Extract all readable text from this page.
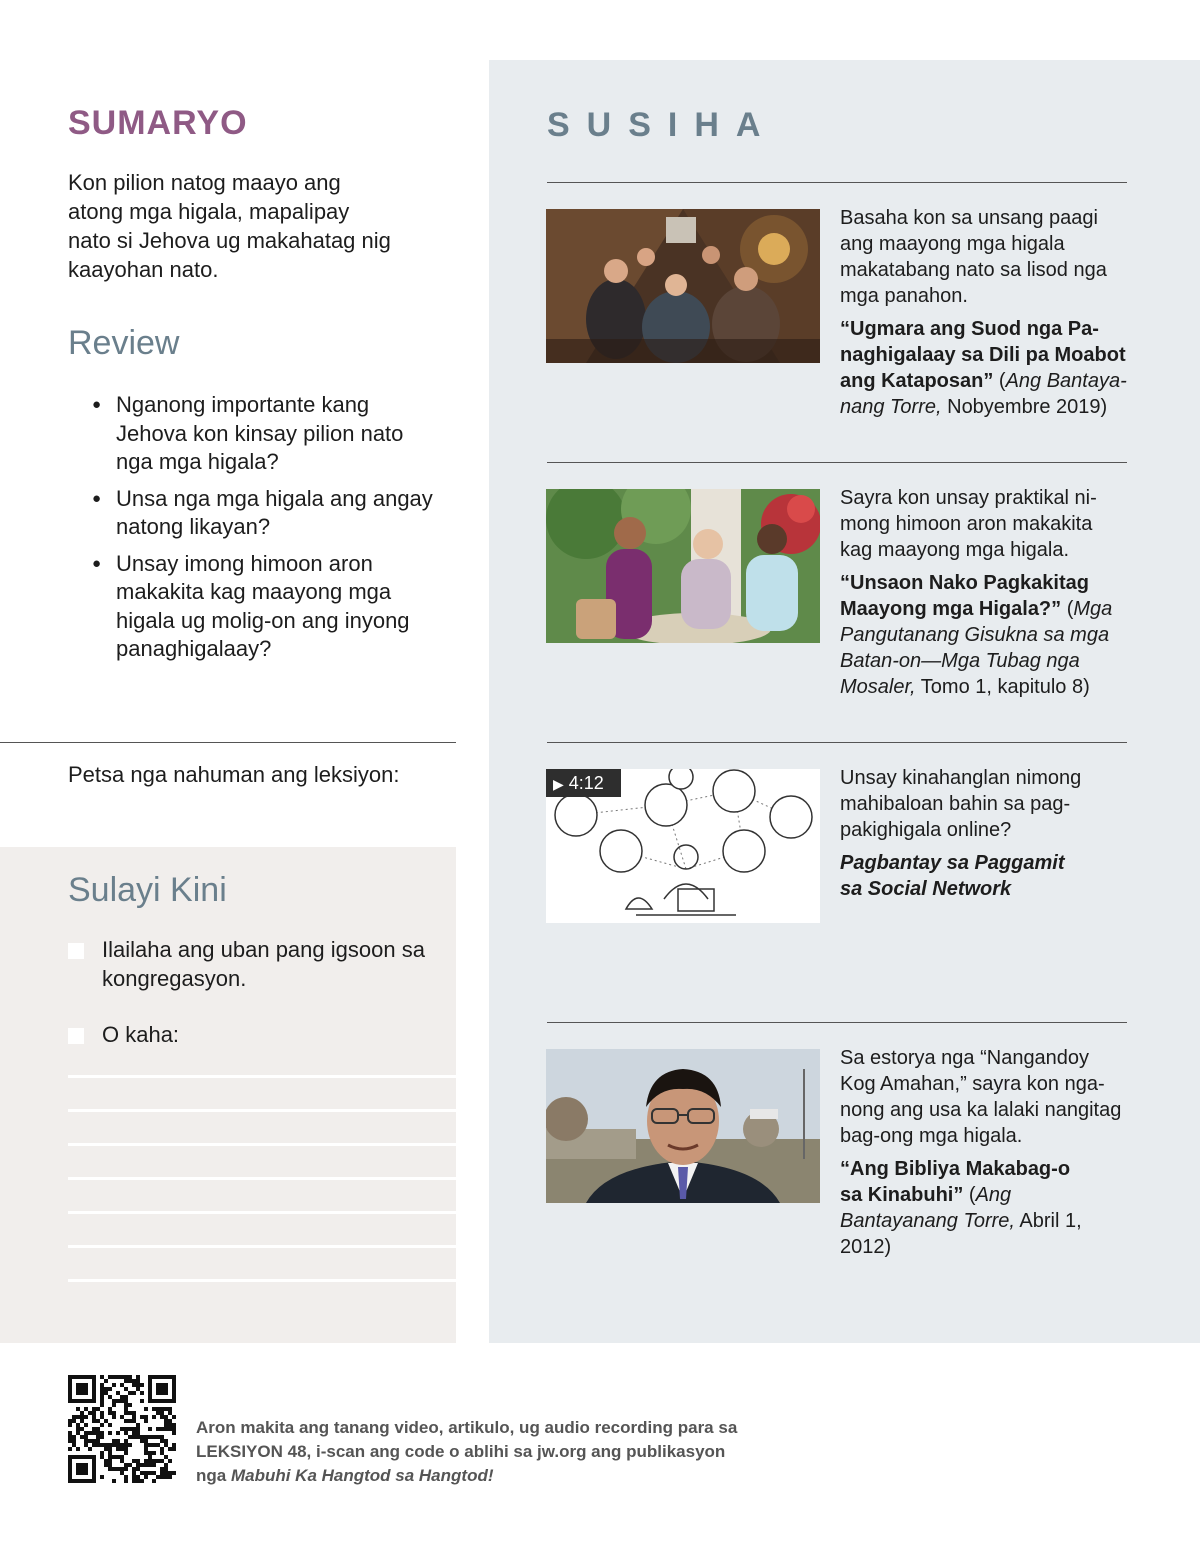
SUMARYO
Kon pilion natog maayo ang atong mga higala, mapalipay nato si Jehova ug makahatag nig kaayohan nato.
Review
● Nganong importante kang Jehova kon kinsay pilion nato nga mga higala?
● Unsa nga mga higala ang angay natong likayan?
● Unsay imong himoon aron makakita kag maayong mga higala ug molig-on ang inyong panaghigalaay?
Petsa nga nahuman ang leksiyon:
Sulayi Kini
Ilailaha ang uban pang igsoon sa kongregasyon.
O kaha:
SUSIHA
Basaha kon sa unsang paagi ang maayong mga higala makatabang nato sa lisod nga mga panahon.
“Ugmara ang Suod nga Panaghigalaay sa Dili pa Moabot ang Kataposan” (Ang Bantayanang Torre, Nobyembre 2019)
Sayra kon unsay praktikal nimong himoon aron makakita kag maayong mga higala.
“Unsaon Nako Pagkakitag Maayong mga Higala?” (Mga Pangutanang Gisukna sa mga Batan-on—Mga Tubag nga Mosaler, Tomo 1, kapitulo 8)
▶ 4:12	Unsay kinahanglan nimong mahibaloan bahin sa pagpakighigala online?
Pagbantay sa Paggamit sa Social Network
Sa estorya nga “Nangandoy Kog Amahan,” sayra kon nganong ang usa ka lalaki nangitag bag-ong mga higala.
“Ang Bibliya Makabag-o sa Kinabuhi” (Ang Bantayanang Torre, Abril 1, 2012)
Aron makita ang tanang video, artikulo, ug audio recording para sa LEKSIYON 48, i-scan ang code o ablihi sa jw.org ang publikasyon nga Mabuhi Ka Hangtod sa Hangtod!
